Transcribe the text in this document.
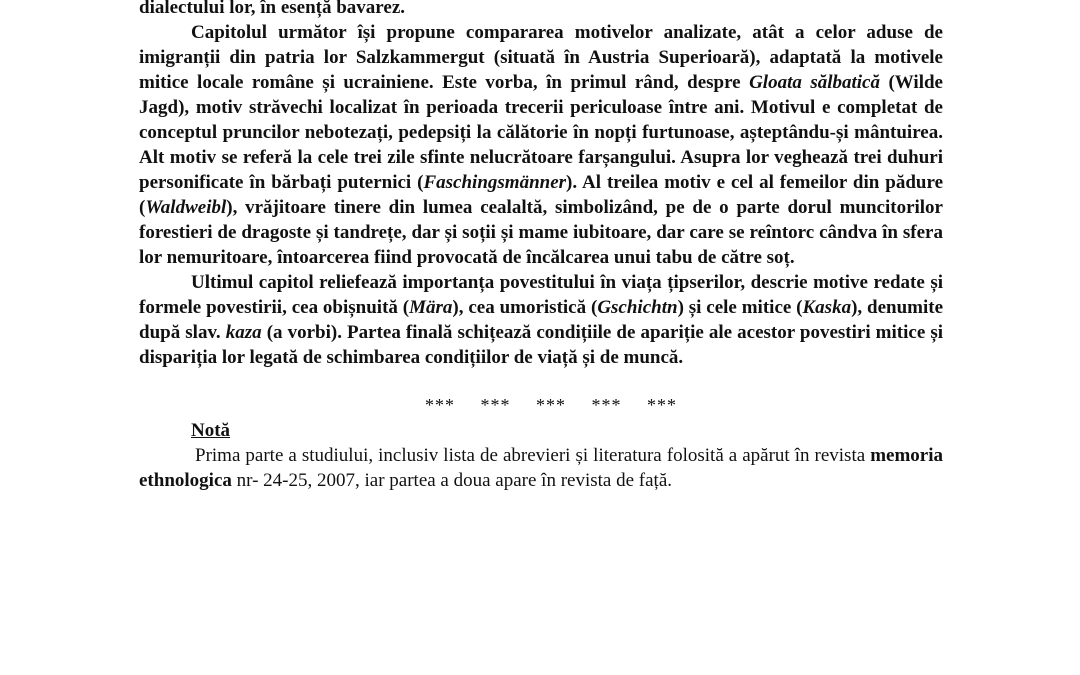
dialectului lor, în esență bavarez.

Capitolul următor își propune compararea motivelor analizate, atât a celor aduse de imigranții din patria lor Salzkammergut (situată în Austria Superioară), adaptată la motivele mitice locale române și ucrainiene. Este vorba, în primul rând, despre Gloata sălbatică (Wilde Jagd), motiv străvechi localizat în perioada trecerii periculoase între ani. Motivul e completat de conceptul pruncilor nebotezați, pedepsiți la călătorie în nopți furtunoase, așteptându-și mântuirea. Alt motiv se referă la cele trei zile sfinte nelucrătoare farșangului. Asupra lor veghează trei duhuri personificate în bărbați puternici (Faschingsmänner). Al treilea motiv e cel al femeilor din pădure (Waldweibl), vrăjitoare tinere din lumea cealaltă, simbolizând, pe de o parte dorul muncitorilor forestieri de dragoste și tandrețe, dar și soții și mame iubitoare, dar care se reîntorc cândva în sfera lor nemuritoare, întoarcerea fiind provocată de încălcarea unui tabu de către soț.

Ultimul capitol reliefează importanța povestitului în viața țipserilor, descrie motive redate și formele povestirii, cea obișnuită (Mära), cea umoristică (Gschichtn) și cele mitice (Kaska), denumite după slav. kaza (a vorbi). Partea finală schițează condițiile de apariție ale acestor povestiri mitice și dispariția lor legată de schimbarea condițiilor de viață și de muncă.

*** *** *** *** ***

Notă

Prima parte a studiului, inclusiv lista de abrevieri și literatura folosită a apărut în revista memoria ethnologica nr- 24-25, 2007, iar partea a doua apare în revista de față.
